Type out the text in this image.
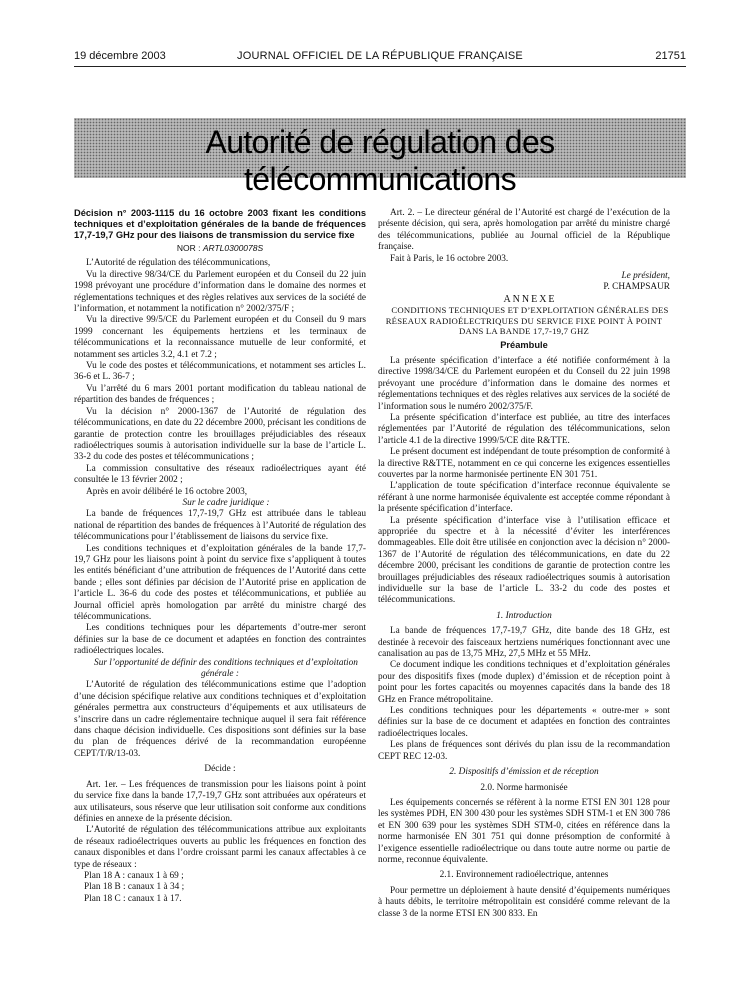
19 décembre 2003	JOURNAL OFFICIEL DE LA RÉPUBLIQUE FRANÇAISE	21751
Autorité de régulation des télécommunications

Décision n° 2003-1115 du 16 octobre 2003 fixant les conditions techniques et d’exploitation générales de la bande de fréquences 17,7-19,7 GHz pour des liaisons de transmission du service fixe

NOR : ARTL0300078S

L’Autorité de régulation des télécommunications,

Vu la directive 98/34/CE du Parlement européen et du Conseil du 22 juin 1998 prévoyant une procédure d’information dans le domaine des normes et réglementations techniques et des règles relatives aux services de la société de l’information, et notamment la notification n° 2002/375/F ;

Vu la directive 99/5/CE du Parlement européen et du Conseil du 9 mars 1999 concernant les équipements hertziens et les terminaux de télécommunications et la reconnaissance mutuelle de leur conformité, et notamment ses articles 3.2, 4.1 et 7.2 ;

Vu le code des postes et télécommunications, et notamment ses articles L. 36-6 et L. 36-7 ;

Vu l’arrêté du 6 mars 2001 portant modification du tableau national de répartition des bandes de fréquences ;

Vu la décision n° 2000-1367 de l’Autorité de régulation des télécommunications, en date du 22 décembre 2000, précisant les conditions de garantie de protection contre les brouillages préjudiciables des réseaux radioélectriques soumis à autorisation individuelle sur la base de l’article L. 33-2 du code des postes et télécommunications ;

La commission consultative des réseaux radioélectriques ayant été consultée le 13 février 2002 ;

Après en avoir délibéré le 16 octobre 2003,

Sur le cadre juridique :

La bande de fréquences 17,7-19,7 GHz est attribuée dans le tableau national de répartition des bandes de fréquences à l’Autorité de régulation des télécommunications pour l’établissement de liaisons du service fixe.

Les conditions techniques et d’exploitation générales de la bande 17,7-19,7 GHz pour les liaisons point à point du service fixe s’appliquent à toutes les entités bénéficiant d’une attribution de fréquences de l’Autorité dans cette bande ; elles sont définies par décision de l’Autorité prise en application de l’article L. 36-6 du code des postes et télécommunications, et publiée au Journal officiel après homologation par arrêté du ministre chargé des télécommunications.

Les conditions techniques pour les départements d’outre-mer seront définies sur la base de ce document et adaptées en fonction des contraintes radioélectriques locales.

Sur l’opportunité de définir des conditions techniques et d’exploitation générale :

L’Autorité de régulation des télécommunications estime que l’adoption d’une décision spécifique relative aux conditions techniques et d’exploitation générales permettra aux constructeurs d’équipements et aux utilisateurs de s’inscrire dans un cadre réglementaire technique auquel il sera fait référence dans chaque décision individuelle. Ces dispositions sont définies sur la base du plan de fréquences dérivé de la recommandation européenne CEPT/T/R/13-03.

Décide :

Art. 1er. – Les fréquences de transmission pour les liaisons point à point du service fixe dans la bande 17,7-19,7 GHz sont attribuées aux opérateurs et aux utilisateurs, sous réserve que leur utilisation soit conforme aux conditions définies en annexe de la présente décision.

L’Autorité de régulation des télécommunications attribue aux exploitants de réseaux radioélectriques ouverts au public les fréquences en fonction des canaux disponibles et dans l’ordre croissant parmi les canaux affectables à ce type de réseaux :

Plan 18 A : canaux 1 à 69 ;

Plan 18 B : canaux 1 à 34 ;

Plan 18 C : canaux 1 à 17.

Art. 2. – Le directeur général de l’Autorité est chargé de l’exécution de la présente décision, qui sera, après homologation par arrêté du ministre chargé des télécommunications, publiée au Journal officiel de la République française.

Fait à Paris, le 16 octobre 2003.

Le président,

P. CHAMPSAUR

ANNEXE

CONDITIONS TECHNIQUES ET D’EXPLOITATION GÉNÉRALES DES RÉSEAUX RADIOÉLECTRIQUES DU SERVICE FIXE POINT À POINT DANS LA BANDE 17,7-19,7 GHZ

Préambule

La présente spécification d’interface a été notifiée conformément à la directive 1998/34/CE du Parlement européen et du Conseil du 22 juin 1998 prévoyant une procédure d’information dans le domaine des normes et réglementations techniques et des règles relatives aux services de la société de l’information sous le numéro 2002/375/F.

La présente spécification d’interface est publiée, au titre des interfaces réglementées par l’Autorité de régulation des télécommunications, selon l’article 4.1 de la directive 1999/5/CE dite R&TTE.

Le présent document est indépendant de toute présomption de conformité à la directive R&TTE, notamment en ce qui concerne les exigences essentielles couvertes par la norme harmonisée pertinente EN 301 751.

L’application de toute spécification d’interface reconnue équivalente se référant à une norme harmonisée équivalente est acceptée comme répondant à la présente spécification d’interface.

La présente spécification d’interface vise à l’utilisation efficace et appropriée du spectre et à la nécessité d’éviter les interférences dommageables. Elle doit être utilisée en conjonction avec la décision n° 2000-1367 de l’Autorité de régulation des télécommunications, en date du 22 décembre 2000, précisant les conditions de garantie de protection contre les brouillages préjudiciables des réseaux radioélectriques soumis à autorisation individuelle sur la base de l’article L. 33-2 du code des postes et télécommunications.

1. Introduction

La bande de fréquences 17,7-19,7 GHz, dite bande des 18 GHz, est destinée à recevoir des faisceaux hertziens numériques fonctionnant avec une canalisation au pas de 13,75 MHz, 27,5 MHz et 55 MHz.

Ce document indique les conditions techniques et d’exploitation générales pour des dispositifs fixes (mode duplex) d’émission et de réception point à point pour les fortes capacités ou moyennes capacités dans la bande des 18 GHz en France métropolitaine.

Les conditions techniques pour les départements « outre-mer » sont définies sur la base de ce document et adaptées en fonction des contraintes radioélectriques locales.

Les plans de fréquences sont dérivés du plan issu de la recommandation CEPT REC 12-03.

2. Dispositifs d’émission et de réception

2.0. Norme harmonisée

Les équipements concernés se réfèrent à la norme ETSI EN 301 128 pour les systèmes PDH, EN 300 430 pour les systèmes SDH STM-1 et EN 300 786 et EN 300 639 pour les systèmes SDH STM-0, citées en référence dans la norme harmonisée EN 301 751 qui donne présomption de conformité à l’exigence essentielle radioélectrique ou dans toute autre norme ou partie de norme, reconnue équivalente.

2.1. Environnement radioélectrique, antennes

Pour permettre un déploiement à haute densité d’équipements numériques à hauts débits, le territoire métropolitain est considéré comme relevant de la classe 3 de la norme ETSI EN 300 833. En
